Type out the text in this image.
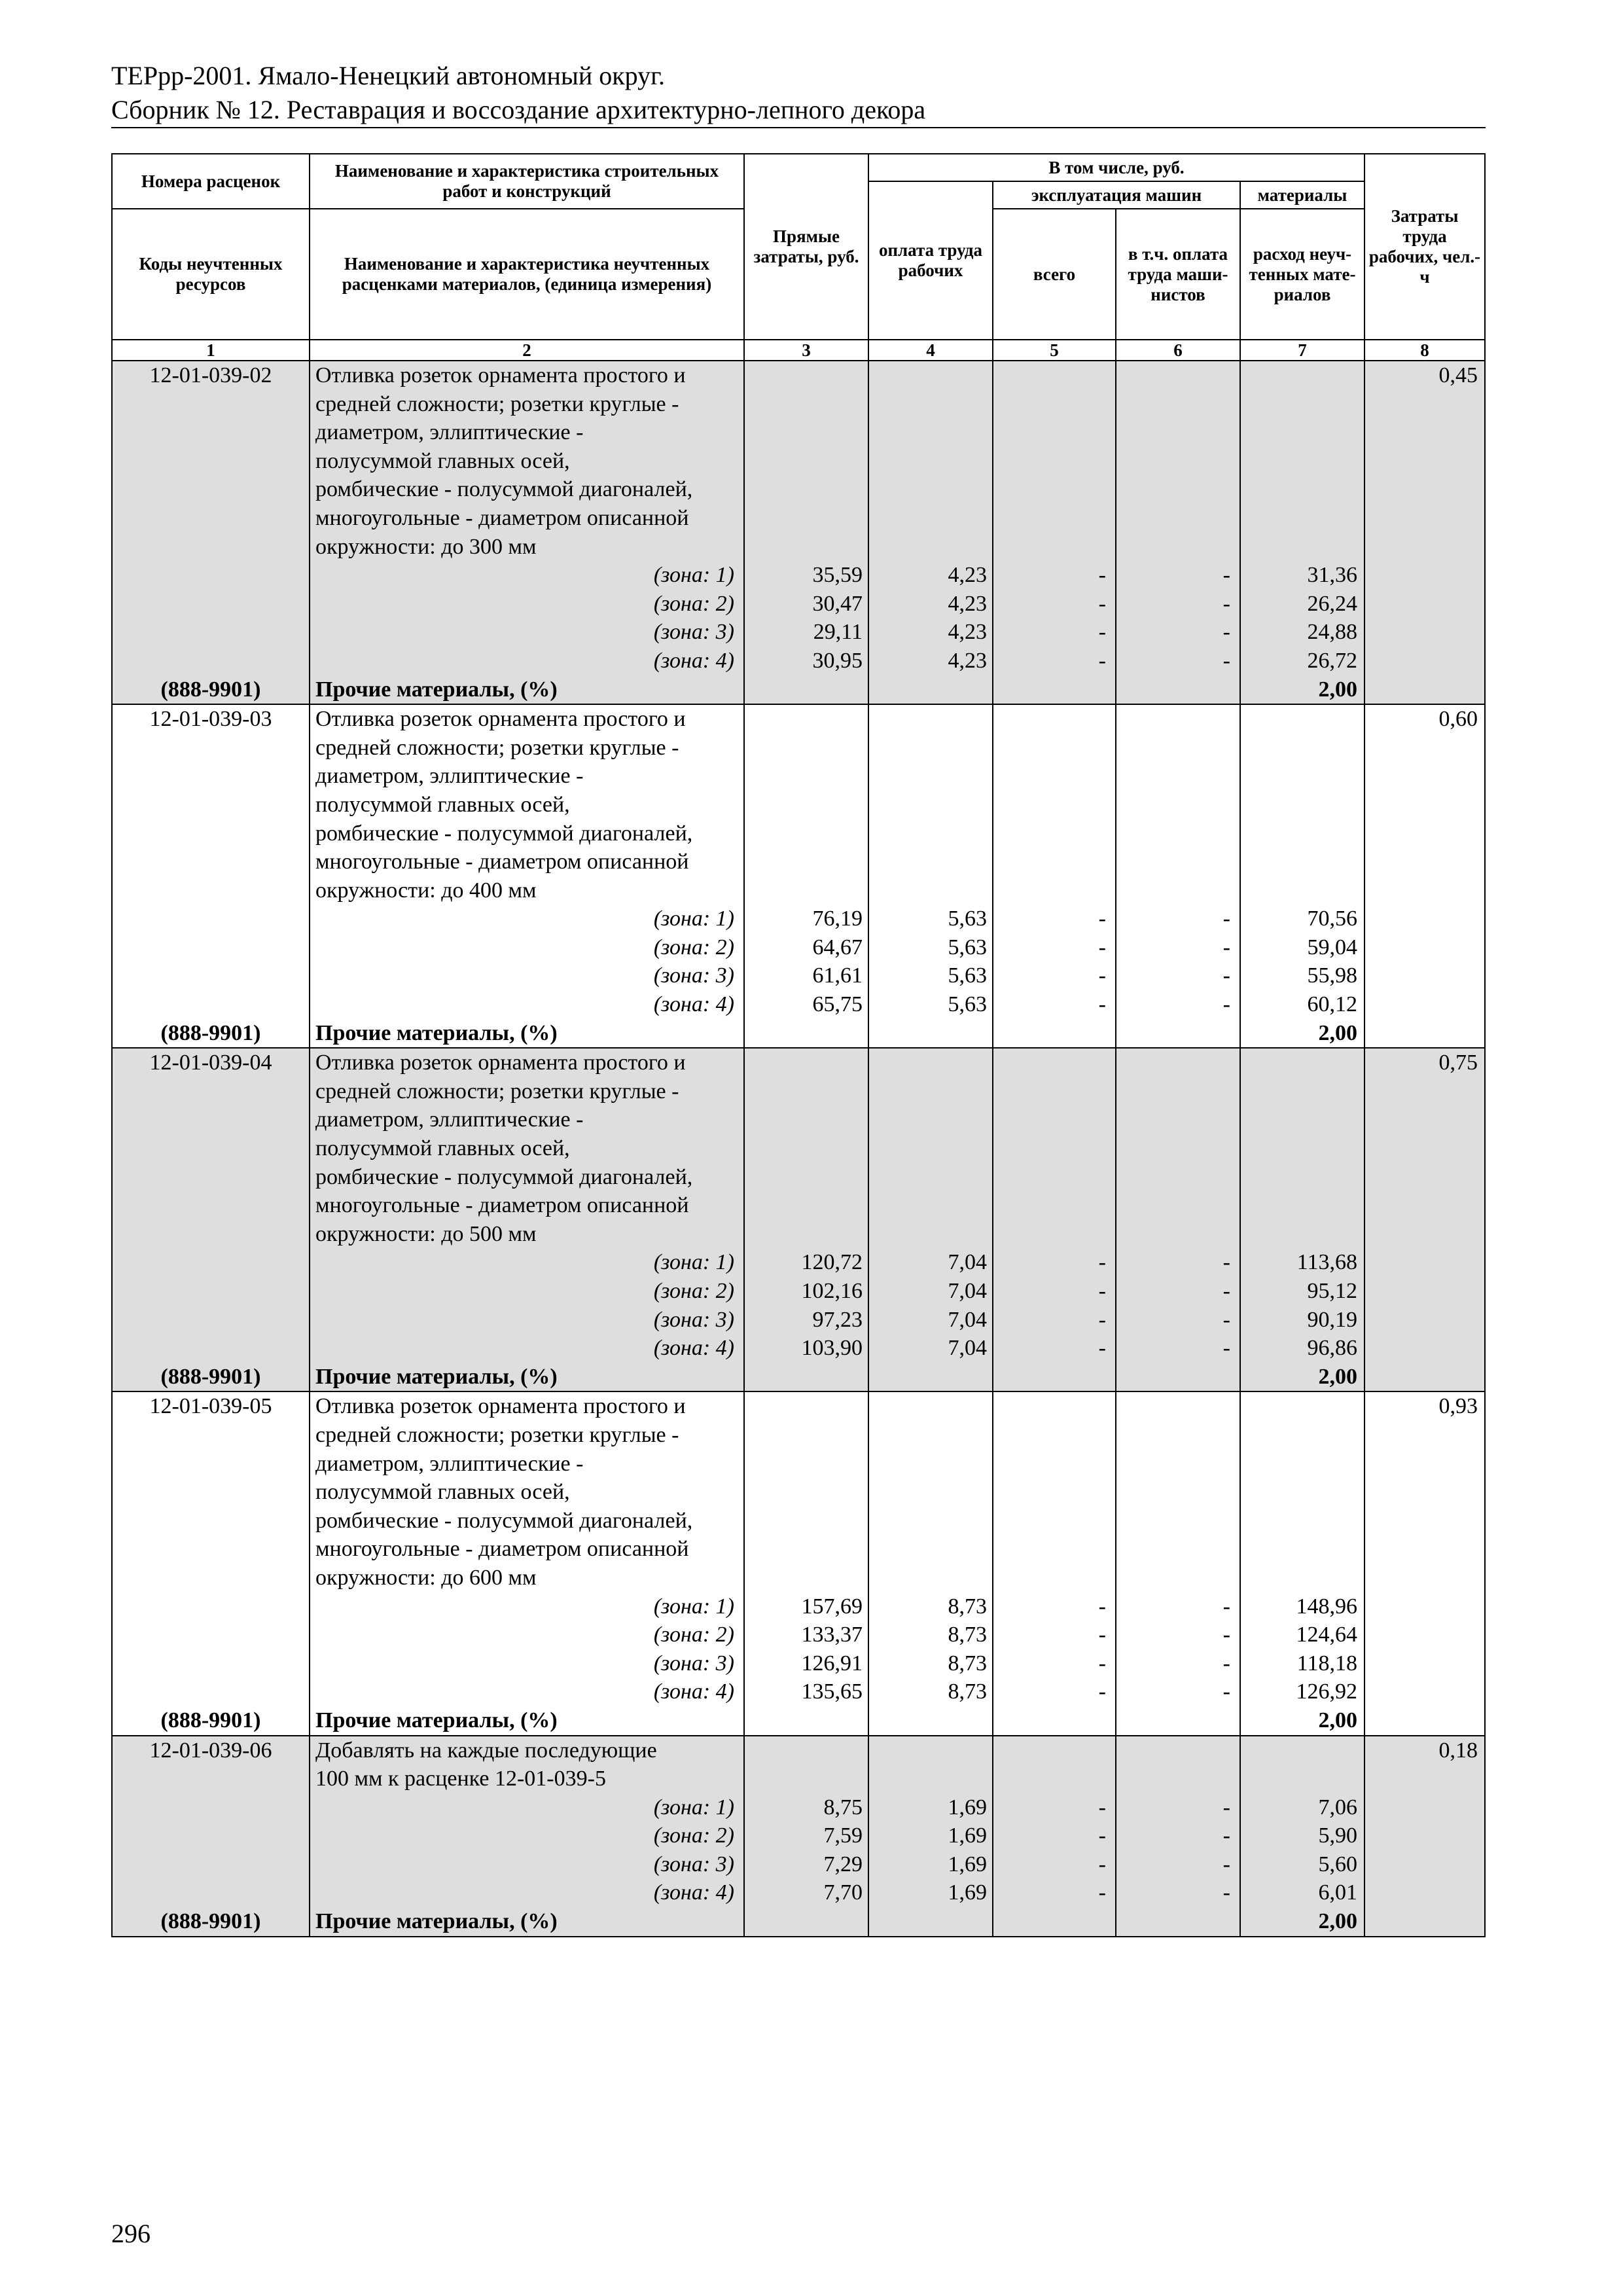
ТЕРрр-2001. Ямало-Ненецкий автономный округ.
Сборник № 12. Реставрация и воссоздание архитектурно-лепного декора
Номера расценок	Наименование и характеристика строительных работ и конструкций	Прямые затраты, руб.	В том числе, руб.				Затраты труда рабочих, чел.-ч
			оплата труда рабочих	эксплуатация машин		материалы	
Коды неучтенных ресурсов	Наименование и характеристика неучтенных расценками материалов, (единица измерения)			всего	в т.ч. оплата труда маши-нистов	расход неуч-тенных мате-риалов	

1	2	3	4	5	6	7	8
12-01-039-02	Отливка розеток орнамента простого и						0,45
	средней сложности; розетки круглые -						
	диаметром, эллиптические -						
	полусуммой главных осей,						
	ромбические - полусуммой диагоналей,						
	многоугольные - диаметром описанной						
	окружности: до 300 мм						
	(зона: 1)	35,59	4,23	-	-	31,36	
	(зона: 2)	30,47	4,23	-	-	26,24	
	(зона: 3)	29,11	4,23	-	-	24,88	
	(зона: 4)	30,95	4,23	-	-	26,72	
(888-9901)	Прочие материалы, (%)					2,00	
12-01-039-03	Отливка розеток орнамента простого и						0,60
	средней сложности; розетки круглые -						
	диаметром, эллиптические -						
	полусуммой главных осей,						
	ромбические - полусуммой диагоналей,						
	многоугольные - диаметром описанной						
	окружности: до 400 мм						
	(зона: 1)	76,19	5,63	-	-	70,56	
	(зона: 2)	64,67	5,63	-	-	59,04	
	(зона: 3)	61,61	5,63	-	-	55,98	
	(зона: 4)	65,75	5,63	-	-	60,12	
(888-9901)	Прочие материалы, (%)					2,00	
12-01-039-04	Отливка розеток орнамента простого и						0,75
	средней сложности; розетки круглые -						
	диаметром, эллиптические -						
	полусуммой главных осей,						
	ромбические - полусуммой диагоналей,						
	многоугольные - диаметром описанной						
	окружности: до 500 мм						
	(зона: 1)	120,72	7,04	-	-	113,68	
	(зона: 2)	102,16	7,04	-	-	95,12	
	(зона: 3)	97,23	7,04	-	-	90,19	
	(зона: 4)	103,90	7,04	-	-	96,86	
(888-9901)	Прочие материалы, (%)					2,00	
12-01-039-05	Отливка розеток орнамента простого и						0,93
	средней сложности; розетки круглые -						
	диаметром, эллиптические -						
	полусуммой главных осей,						
	ромбические - полусуммой диагоналей,						
	многоугольные - диаметром описанной						
	окружности: до 600 мм						
	(зона: 1)	157,69	8,73	-	-	148,96	
	(зона: 2)	133,37	8,73	-	-	124,64	
	(зона: 3)	126,91	8,73	-	-	118,18	
	(зона: 4)	135,65	8,73	-	-	126,92	
(888-9901)	Прочие материалы, (%)					2,00	
12-01-039-06	Добавлять на каждые последующие						0,18
	100 мм к расценке 12-01-039-5						
	(зона: 1)	8,75	1,69	-	-	7,06	
	(зона: 2)	7,59	1,69	-	-	5,90	
	(зона: 3)	7,29	1,69	-	-	5,60	
	(зона: 4)	7,70	1,69	-	-	6,01	
(888-9901)	Прочие материалы, (%)					2,00	
296
